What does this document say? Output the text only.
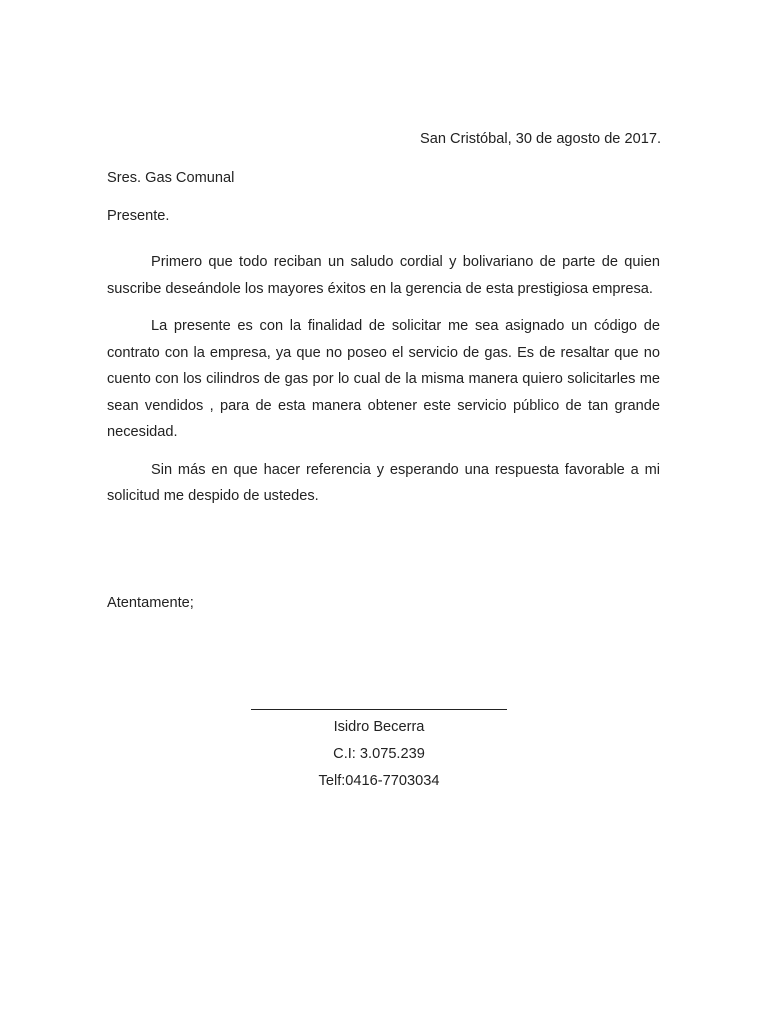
San Cristóbal, 30 de agosto de 2017.
Sres. Gas Comunal
Presente.

Primero que todo reciban un saludo cordial y bolivariano de parte de quien suscribe deseándole los mayores éxitos en la gerencia de esta prestigiosa empresa.

La presente es con la finalidad de solicitar me sea asignado un código de contrato con la empresa, ya que no poseo el servicio de gas. Es de resaltar que no cuento con los cilindros de gas por lo cual de la misma manera quiero solicitarles me sean vendidos , para de esta manera obtener este servicio público de tan grande necesidad.

Sin más en que hacer referencia y esperando una respuesta favorable a mi solicitud me despido de ustedes.

Atentamente;
Isidro Becerra
C.I: 3.075.239
Telf:0416-7703034
